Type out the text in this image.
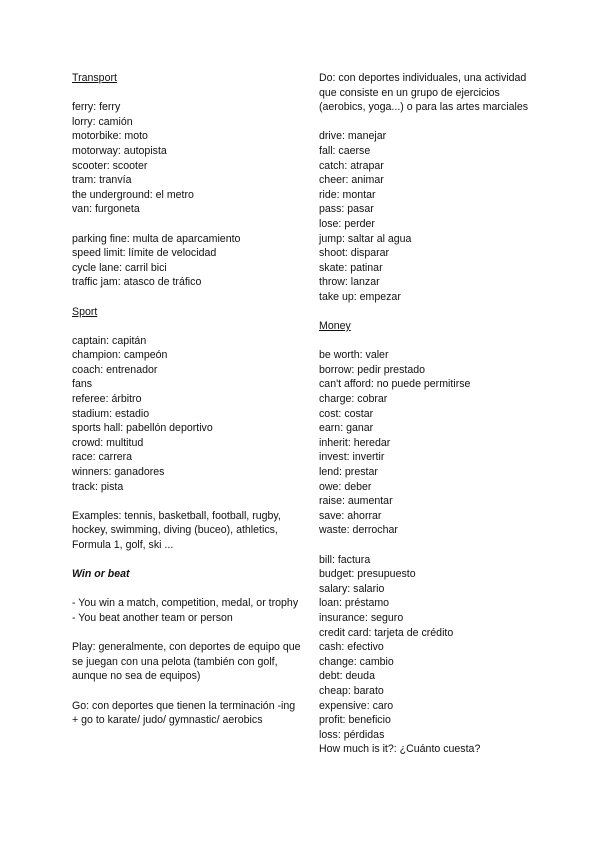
Transport
ferry: ferry
lorry: camión
motorbike: moto
motorway: autopista
scooter: scooter
tram: tranvía
the underground: el metro
van: furgoneta
parking fine: multa de aparcamiento
speed limit: límite de velocidad
cycle lane: carril bici
traffic jam: atasco de tráfico
Sport
captain: capitán
champion: campeón
coach: entrenador
fans
referee: árbitro
stadium: estadio
sports hall: pabellón deportivo
crowd: multitud
race: carrera
winners: ganadores
track: pista
Examples: tennis, basketball, football, rugby, hockey, swimming, diving (buceo), athletics, Formula 1, golf, ski ...
Win or beat
- You win a match, competition, medal, or trophy
- You beat another team or person
Play: generalmente, con deportes de equipo que se juegan con una pelota (también con golf, aunque no sea de equipos)
Go: con deportes que tienen la terminación -ing + go to karate/ judo/ gymnastic/ aerobics
Do: con deportes individuales, una actividad que consiste en un grupo de ejercicios (aerobics, yoga...) o para las artes marciales
drive: manejar
fall: caerse
catch: atrapar
cheer: animar
ride: montar
pass: pasar
lose: perder
jump: saltar al agua
shoot: disparar
skate: patinar
throw: lanzar
take up: empezar
Money
be worth: valer
borrow: pedir prestado
can't afford: no puede permitirse
charge: cobrar
cost: costar
earn: ganar
inherit: heredar
invest: invertir
lend: prestar
owe: deber
raise: aumentar
save: ahorrar
waste: derrochar
bill: factura
budget: presupuesto
salary: salario
loan: préstamo
insurance: seguro
credit card: tarjeta de crédito
cash: efectivo
change: cambio
debt: deuda
cheap: barato
expensive: caro
profit: beneficio
loss: pérdidas
How much is it?: ¿Cuánto cuesta?
